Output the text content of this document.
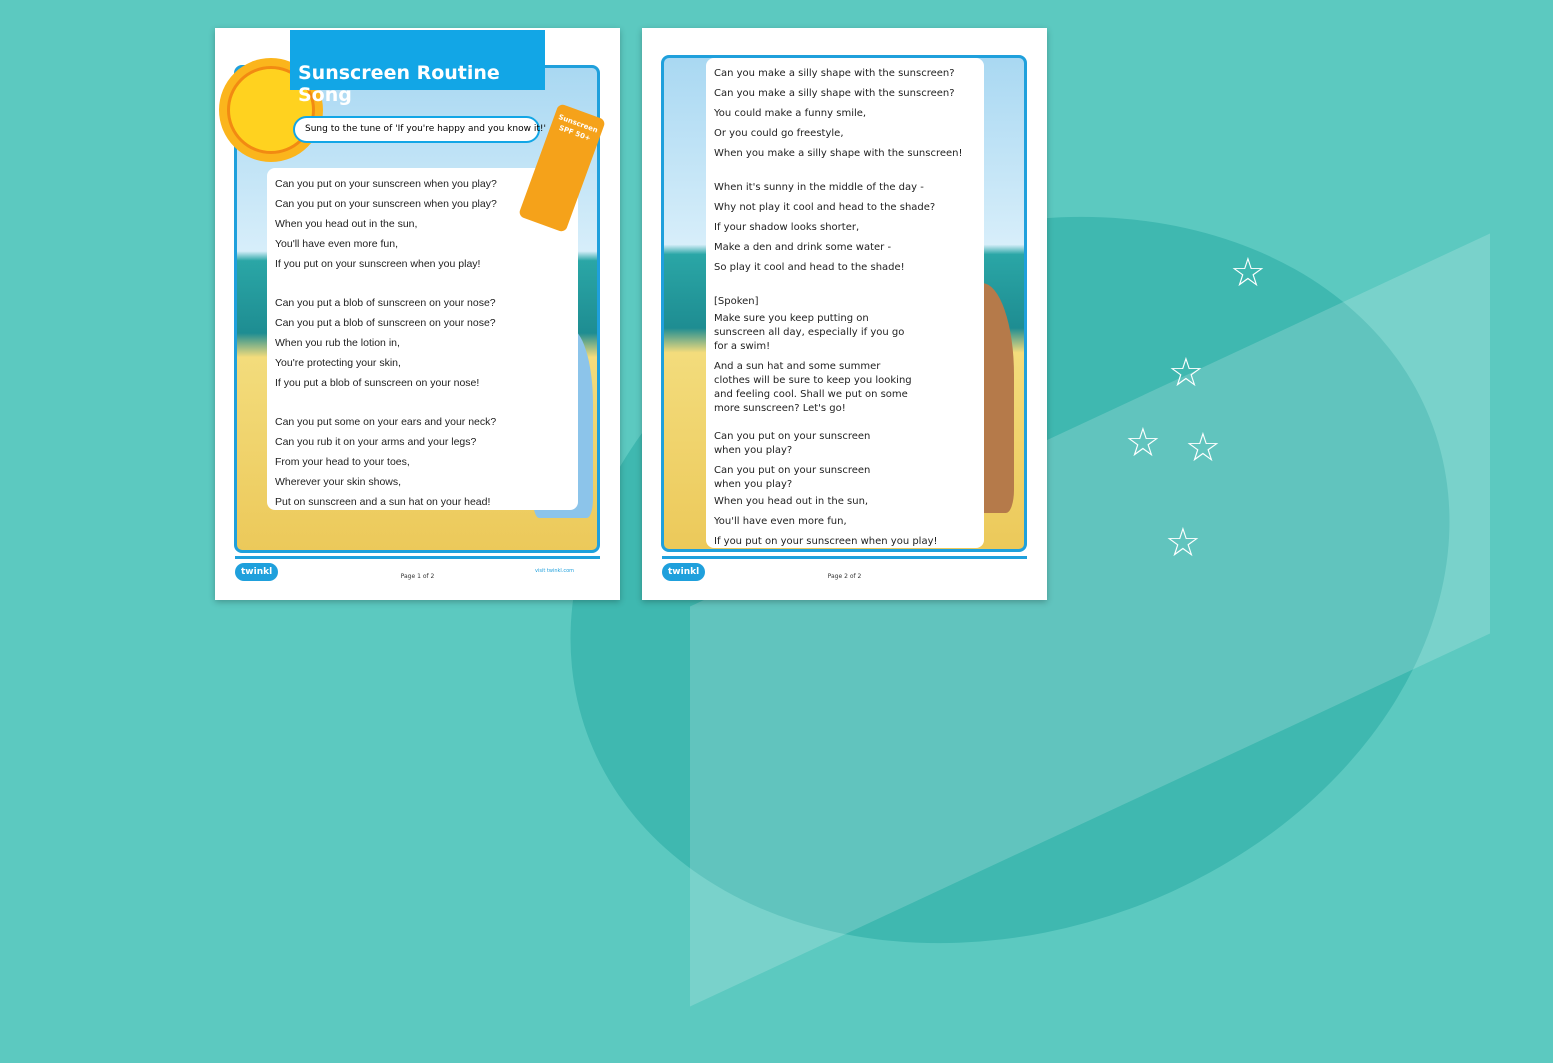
☆
☆ ☆
☆
☆
Sunscreen Routine Song
Sung to the tune of 'If you're happy and you know it!'	Sunscreen SPF 50+

Can you put on your sunscreen when you play?

Can you put on your sunscreen when you play?

When you head out in the sun,

You'll have even more fun,

If you put on your sunscreen when you play!

Can you put a blob of sunscreen on your nose?

Can you put a blob of sunscreen on your nose?

When you rub the lotion in,

You're protecting your skin,

If you put a blob of sunscreen on your nose!

Can you put some on your ears and your neck?

Can you rub it on your arms and your legs?

From your head to your toes,

Wherever your skin shows,

Put on sunscreen and a sun hat on your head!

twinkl	Page 1 of 2
visit twinkl.com

Can you make a silly shape with the sunscreen?

Can you make a silly shape with the sunscreen?

You could make a funny smile,

Or you could go freestyle,

When you make a silly shape with the sunscreen!

When it's sunny in the middle of the day -

Why not play it cool and head to the shade?

If your shadow looks shorter,

Make a den and drink some water -

So play it cool and head to the shade!

[Spoken]

Make sure you keep putting on sunscreen all day, especially if you go for a swim!

And a sun hat and some summer clothes will be sure to keep you looking and feeling cool. Shall we put on some more sunscreen? Let's go!

Can you put on your sunscreen when you play?

Can you put on your sunscreen when you play?

When you head out in the sun,

You'll have even more fun,

If you put on your sunscreen when you play!

twinkl	Page 2 of 2
